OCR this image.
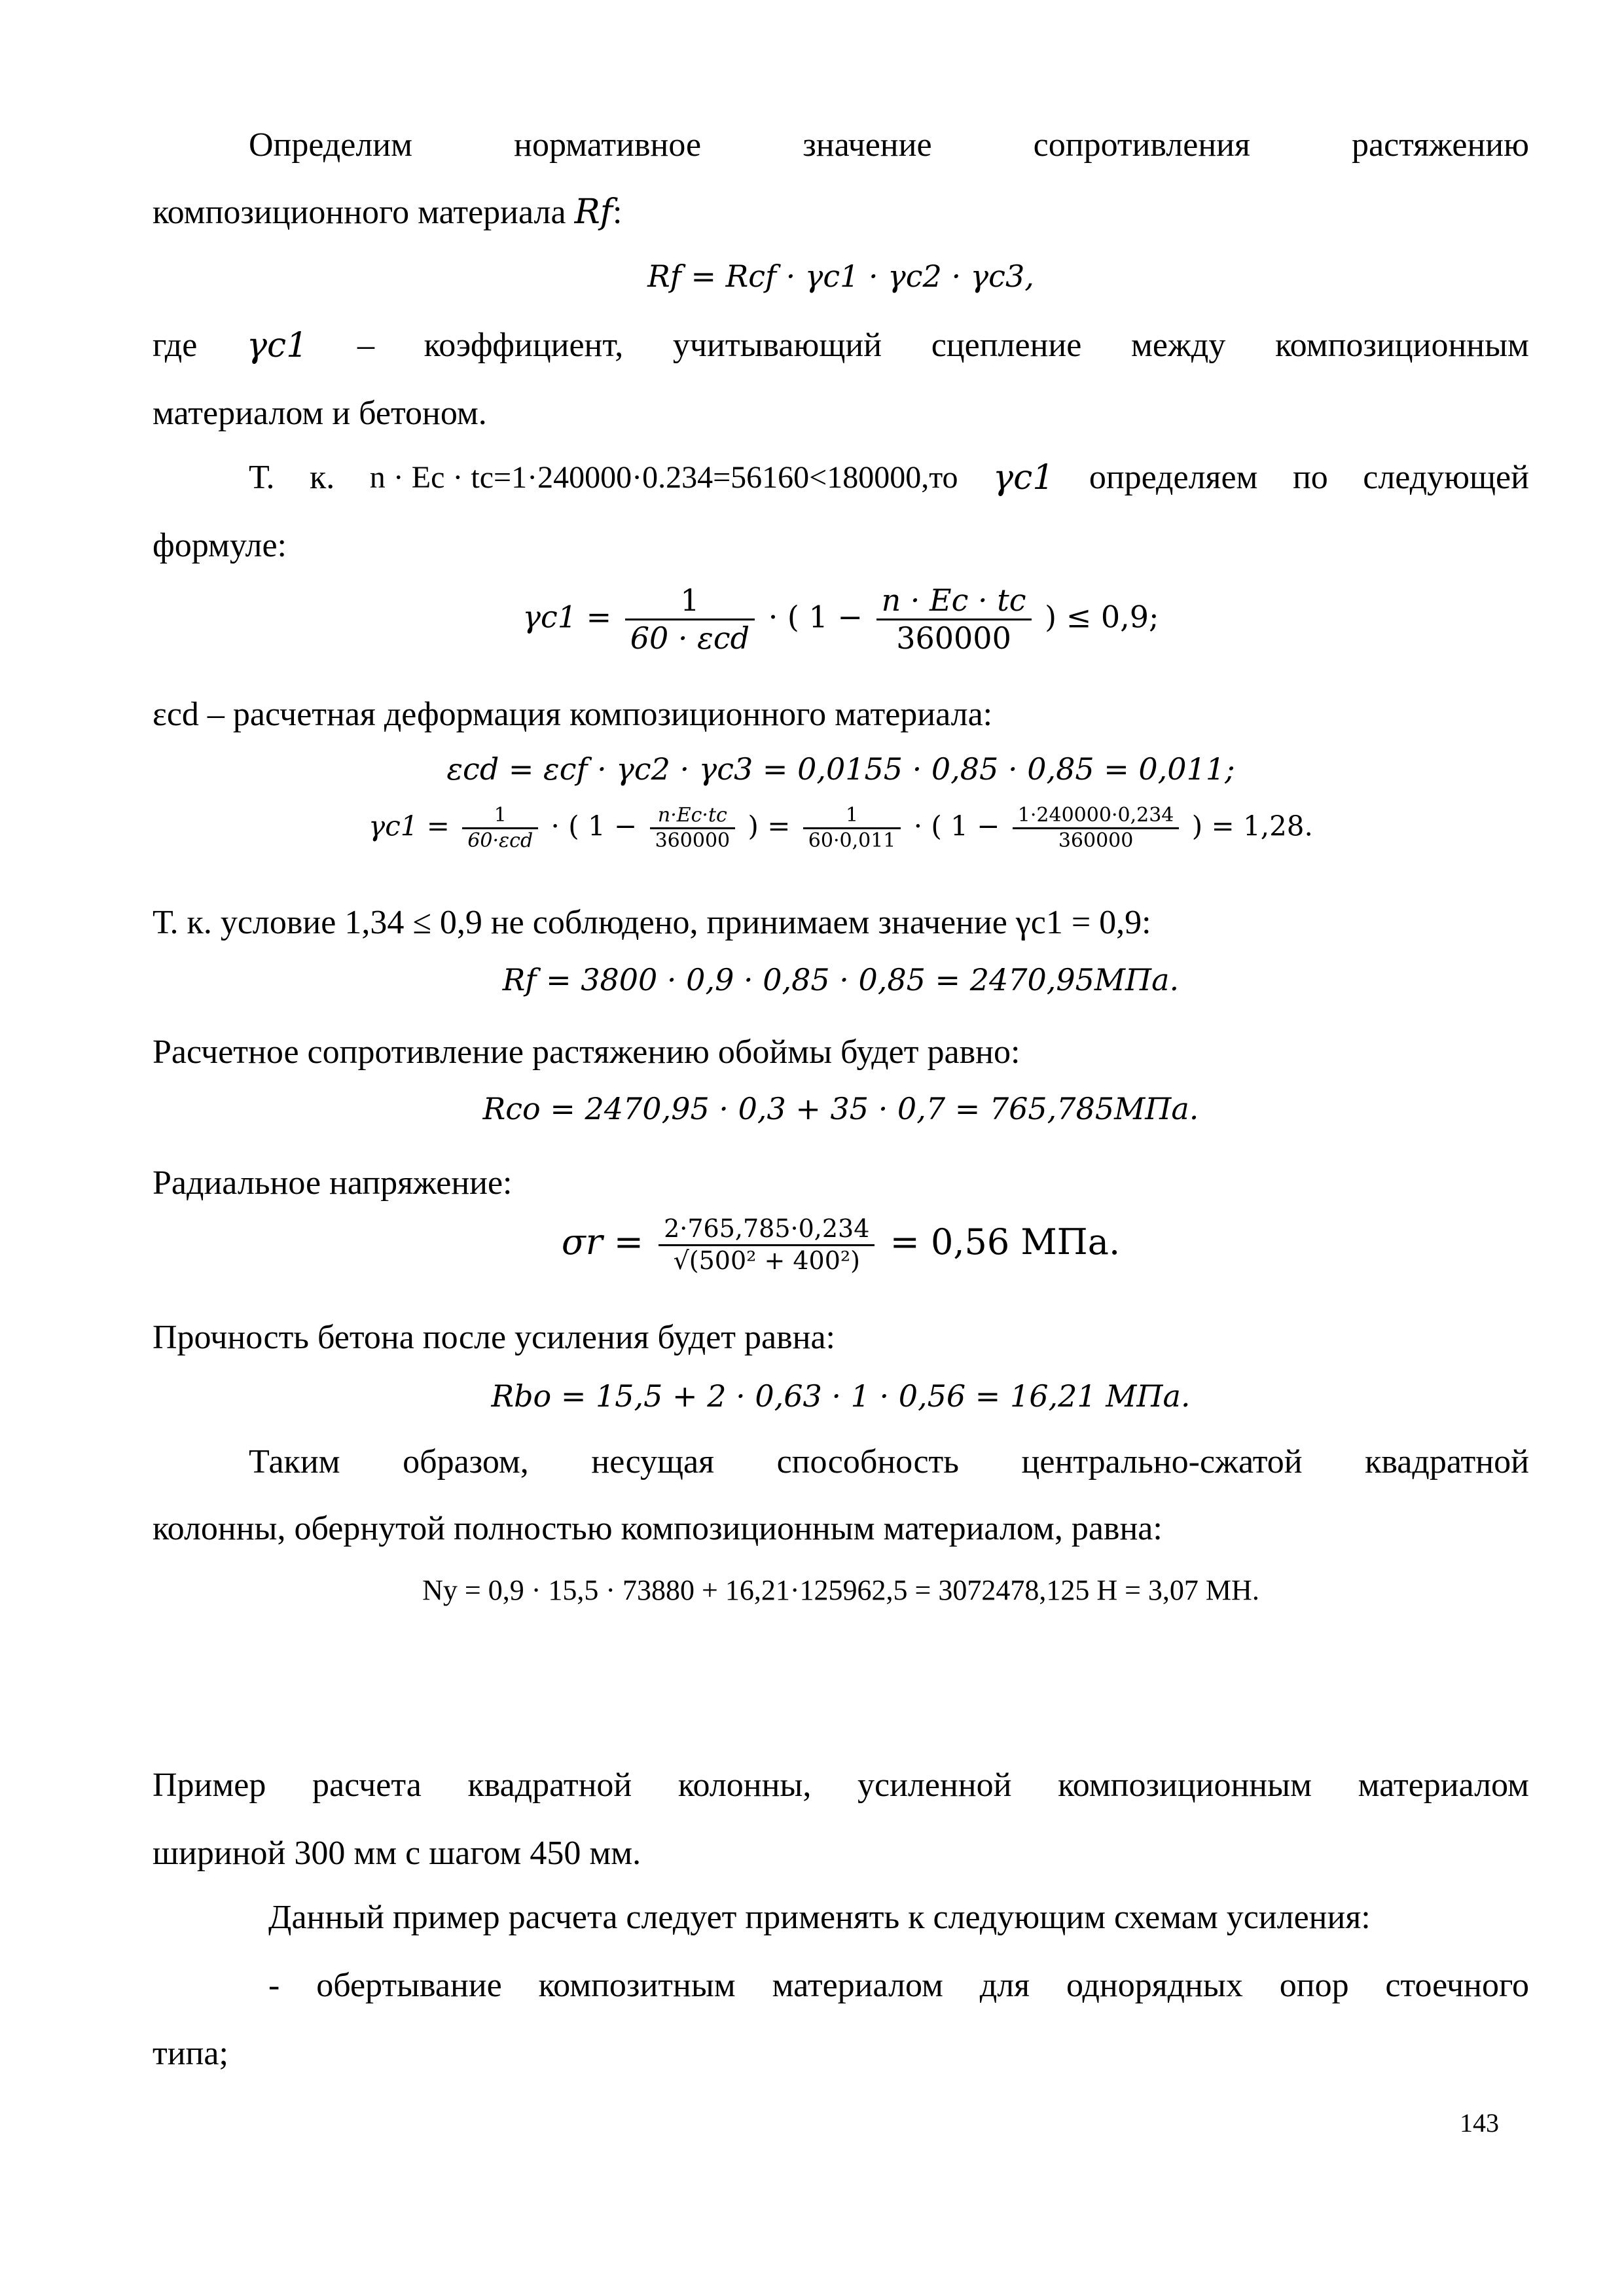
Определим	нормативное	значение	сопротивления	растяжению
композиционного материала Rf:
Rf = Rcf · γc1 · γc2 · γc3,
где γc1 – коэффициент, учитывающий сцепление между композиционным
материалом и бетоном.
Т. к. n · Ec · tc=1·240000·0.234=56160<180000,то γc1 определяем по следующей
формуле:
$\gamma c1 = \frac{1}{\text{60 · εcd}}$ · ( $1 - \frac{n \cdot Ec \cdot tc}{360000}$ ) ≤ 0,9;
εcd – расчетная деформация композиционного материала:
εcd = εcf · γc2 · γc3 = 0,0155 · 0,85 · 0,85 = 0,011;
$\gamma c1 = \frac{1}{\text{60·εcd}}$ · ( $1 - \frac{n\cdot Ec\cdot tc}{360000}$ ) = $\frac{1}{60\cdot 0,011}$ · ( $1 - \frac{1\cdot 240000\cdot 0,234}{360000}$ ) = 1,28.
Т. к. условие 1,34 ≤ 0,9 не соблюдено, принимаем значение γc1 = 0,9:
Rf = 3800 · 0,9 · 0,85 · 0,85 = 2470,95МПа.
Расчетное сопротивление растяжению обоймы будет равно:
Rco = 2470,95 · 0,3 + 35 · 0,7 = 765,785МПа.
Радиальное напряжение:
$\sigma r = \frac{2\cdot 765,785\cdot 0,234}{\text{√(500² + 400²)}} = 0,56$ МПа.
Прочность бетона после усиления будет равна:
Rbo = 15,5 + 2 · 0,63 · 1 · 0,56 = 16,21 МПа.
Таким образом, несущая способность центрально-сжатой квадратной
колонны, обернутой полностью композиционным материалом, равна:
Ny = 0,9 · 15,5 · 73880 + 16,21·125962,5 = 3072478,125 Н = 3,07 МН.
Пример расчета квадратной колонны, усиленной композиционным материалом
шириной 300 мм с шагом 450 мм.
Данный пример расчета следует применять к следующим схемам усиления:
- обертывание композитным материалом для однорядных опор стоечного
типа;
143
